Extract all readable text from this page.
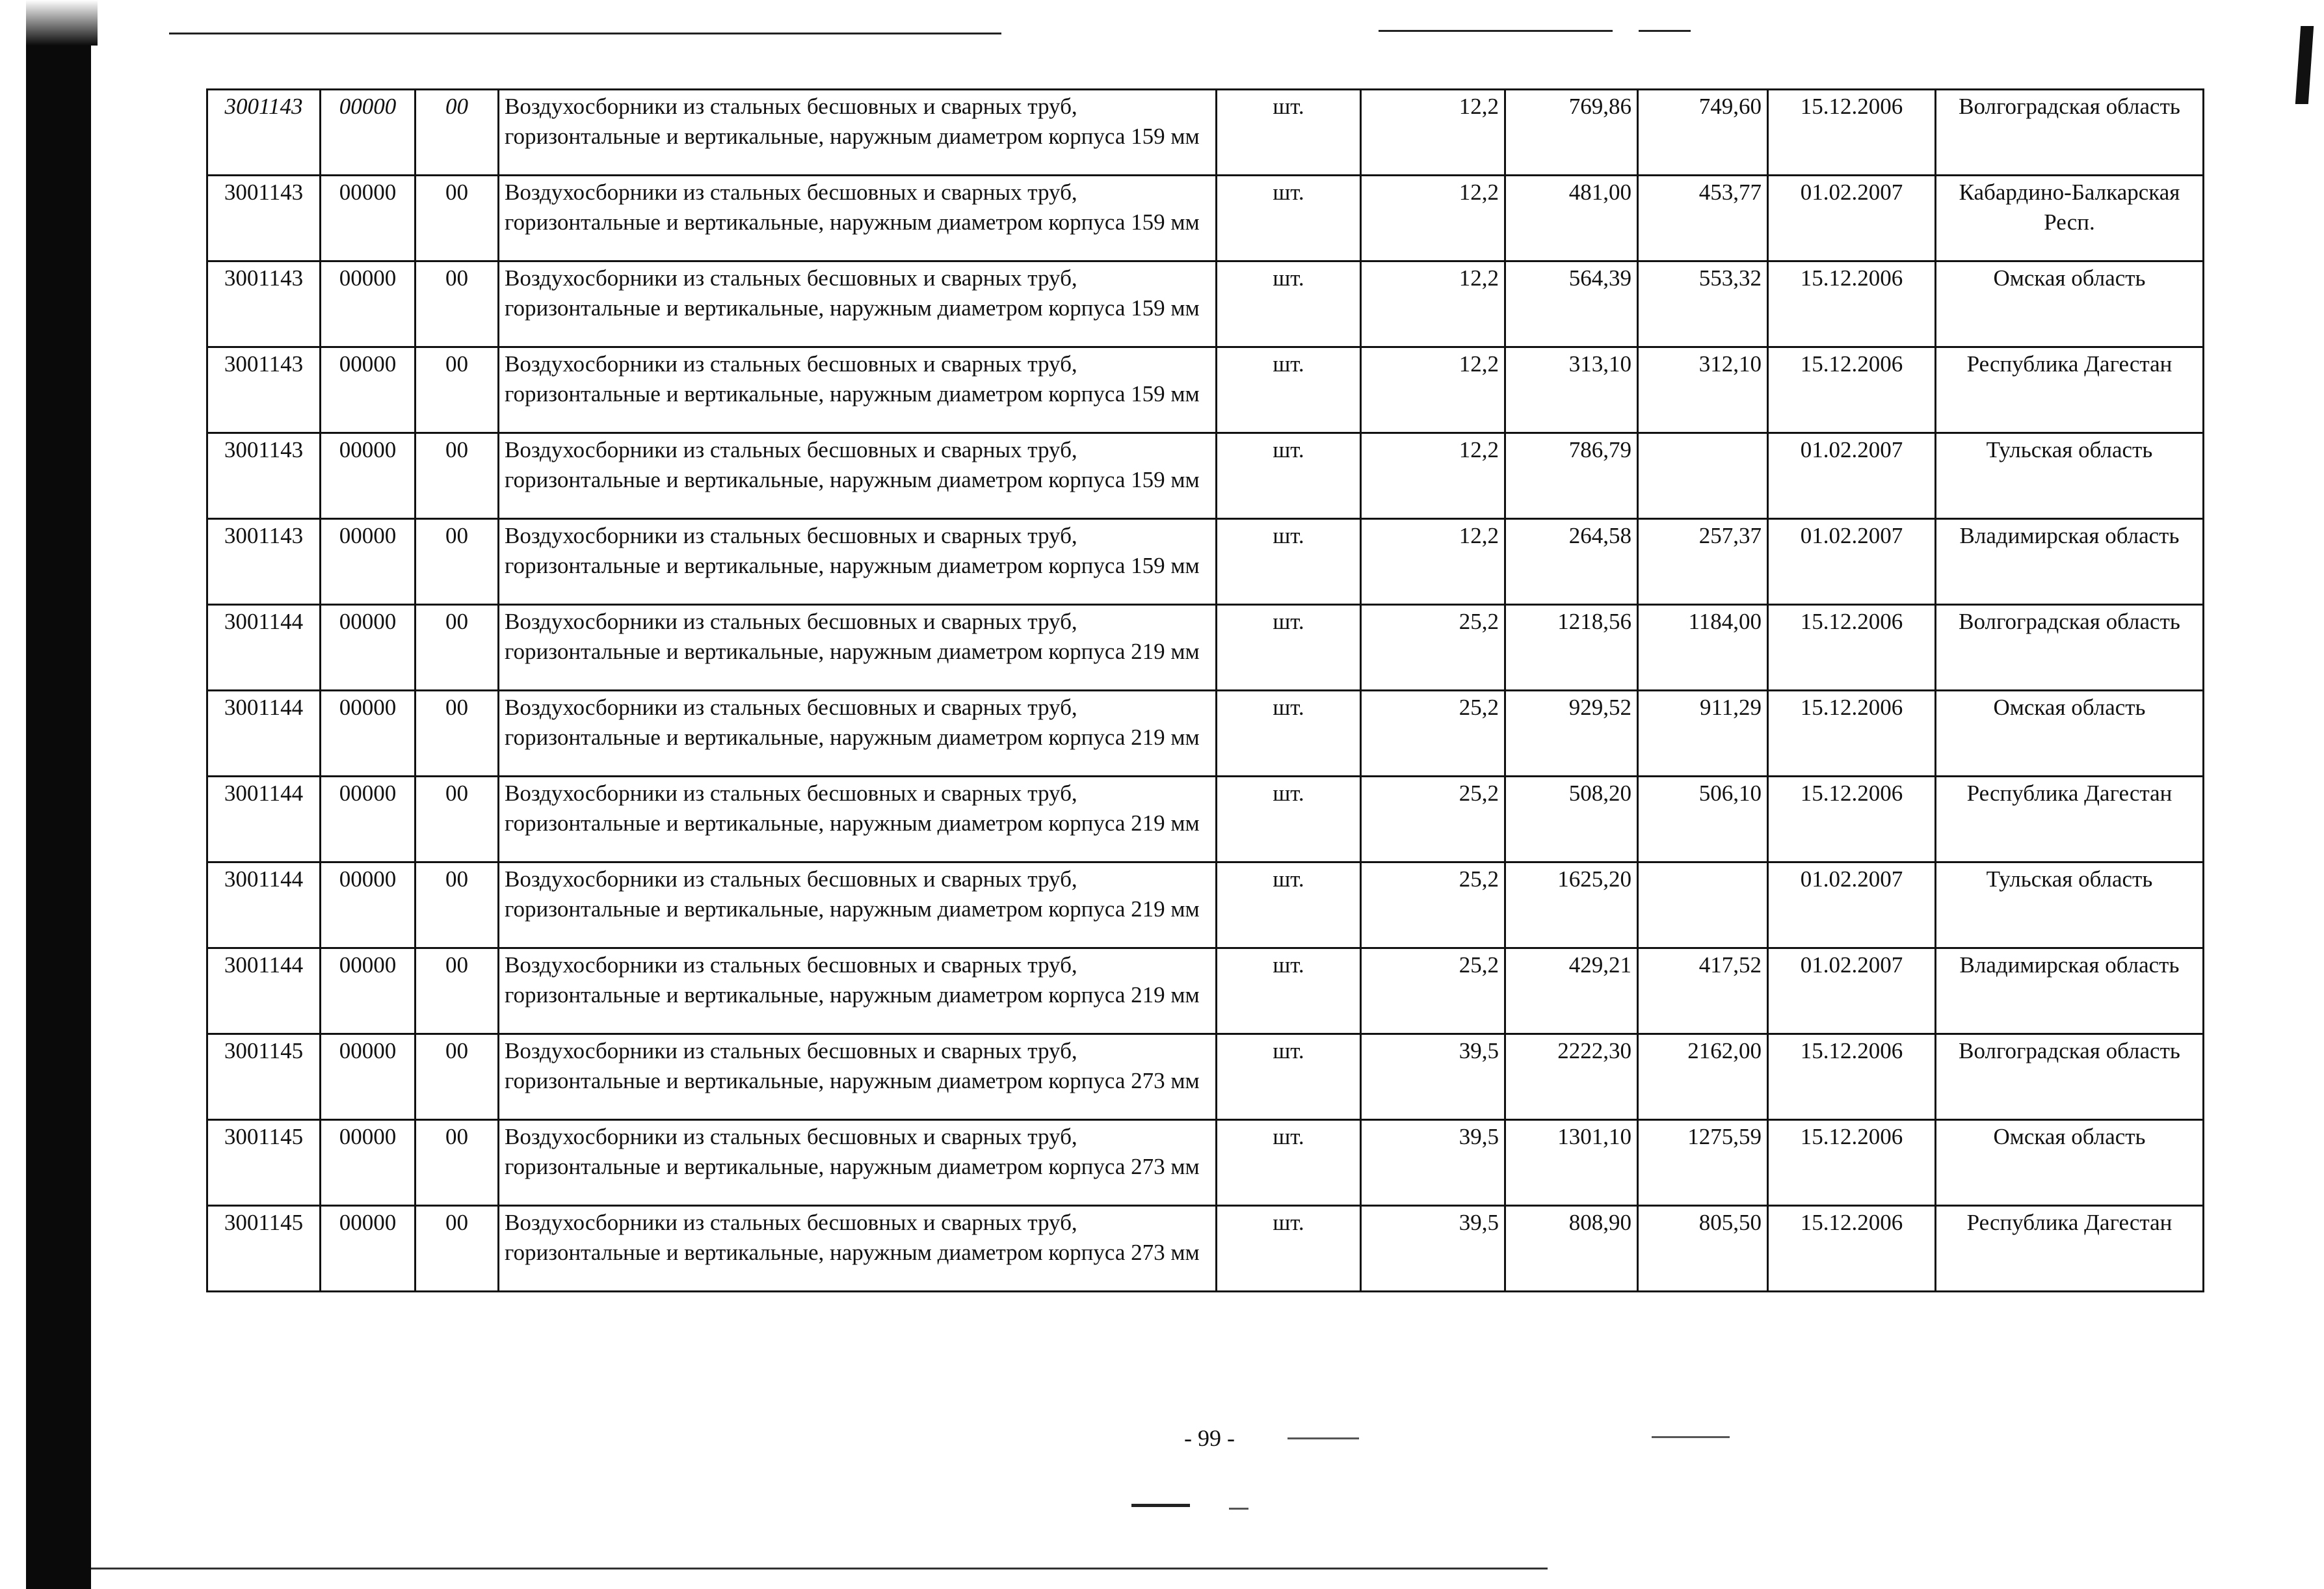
3001143	00000	00	Воздухосборники из стальных бесшовных и сварных труб, горизонтальные и вертикальные, наружным диаметром корпуса 159 мм	шт.	12,2	769,86	749,60	15.12.2006	Волгоградская область
3001143	00000	00	Воздухосборники из стальных бесшовных и сварных труб, горизонтальные и вертикальные, наружным диаметром корпуса 159 мм	шт.	12,2	481,00	453,77	01.02.2007	Кабардино-Балкарская Респ.
3001143	00000	00	Воздухосборники из стальных бесшовных и сварных труб, горизонтальные и вертикальные, наружным диаметром корпуса 159 мм	шт.	12,2	564,39	553,32	15.12.2006	Омская область
3001143	00000	00	Воздухосборники из стальных бесшовных и сварных труб, горизонтальные и вертикальные, наружным диаметром корпуса 159 мм	шт.	12,2	313,10	312,10	15.12.2006	Республика Дагестан
3001143	00000	00	Воздухосборники из стальных бесшовных и сварных труб, горизонтальные и вертикальные, наружным диаметром корпуса 159 мм	шт.	12,2	786,79		01.02.2007	Тульская область
3001143	00000	00	Воздухосборники из стальных бесшовных и сварных труб, горизонтальные и вертикальные, наружным диаметром корпуса 159 мм	шт.	12,2	264,58	257,37	01.02.2007	Владимирская область
3001144	00000	00	Воздухосборники из стальных бесшовных и сварных труб, горизонтальные и вертикальные, наружным диаметром корпуса 219 мм	шт.	25,2	1218,56	1184,00	15.12.2006	Волгоградская область
3001144	00000	00	Воздухосборники из стальных бесшовных и сварных труб, горизонтальные и вертикальные, наружным диаметром корпуса 219 мм	шт.	25,2	929,52	911,29	15.12.2006	Омская область
3001144	00000	00	Воздухосборники из стальных бесшовных и сварных труб, горизонтальные и вертикальные, наружным диаметром корпуса 219 мм	шт.	25,2	508,20	506,10	15.12.2006	Республика Дагестан
3001144	00000	00	Воздухосборники из стальных бесшовных и сварных труб, горизонтальные и вертикальные, наружным диаметром корпуса 219 мм	шт.	25,2	1625,20		01.02.2007	Тульская область
3001144	00000	00	Воздухосборники из стальных бесшовных и сварных труб, горизонтальные и вертикальные, наружным диаметром корпуса 219 мм	шт.	25,2	429,21	417,52	01.02.2007	Владимирская область
3001145	00000	00	Воздухосборники из стальных бесшовных и сварных труб, горизонтальные и вертикальные, наружным диаметром корпуса 273 мм	шт.	39,5	2222,30	2162,00	15.12.2006	Волгоградская область
3001145	00000	00	Воздухосборники из стальных бесшовных и сварных труб, горизонтальные и вертикальные, наружным диаметром корпуса 273 мм	шт.	39,5	1301,10	1275,59	15.12.2006	Омская область
3001145	00000	00	Воздухосборники из стальных бесшовных и сварных труб, горизонтальные и вертикальные, наружным диаметром корпуса 273 мм	шт.	39,5	808,90	805,50	15.12.2006	Республика Дагестан
- 99 -
